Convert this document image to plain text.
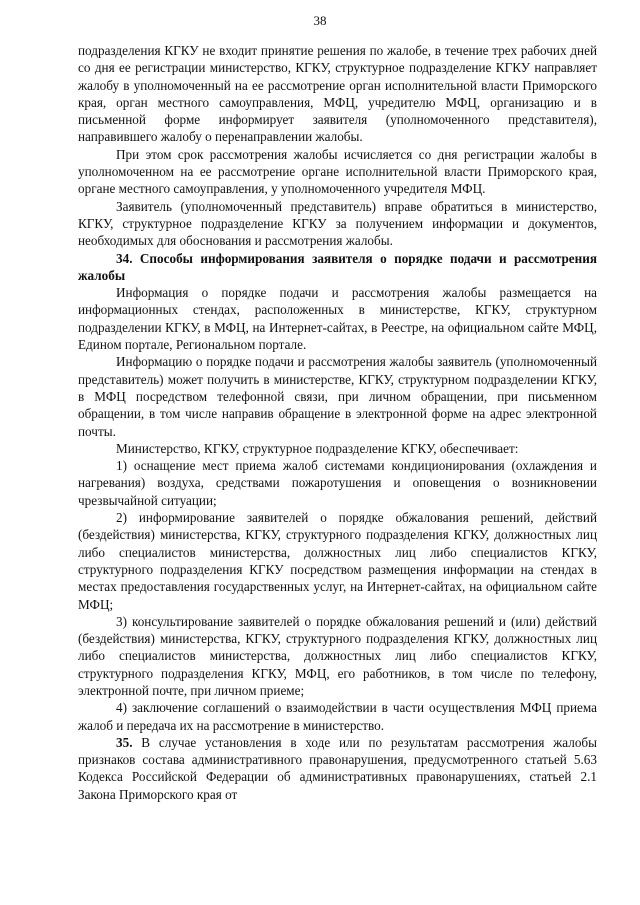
38

подразделения КГКУ не входит принятие решения по жалобе, в течение трех рабочих дней со дня ее регистрации министерство, КГКУ, структурное подразделение КГКУ направляет жалобу в уполномоченный на ее рассмотрение орган исполнительной власти Приморского края, орган местного самоуправления, МФЦ, учредителю МФЦ, организацию и в письменной форме информирует заявителя (уполномоченного представителя), направившего жалобу о перенаправлении жалобы.

При этом срок рассмотрения жалобы исчисляется со дня регистрации жалобы в уполномоченном на ее рассмотрение органе исполнительной власти Приморского края, органе местного самоуправления, у уполномоченного учредителя МФЦ.

Заявитель (уполномоченный представитель) вправе обратиться в министерство, КГКУ, структурное подразделение КГКУ за получением информации и документов, необходимых для обоснования и рассмотрения жалобы.

34. Способы информирования заявителя о порядке подачи и рассмотрения жалобы

Информация о порядке подачи и рассмотрения жалобы размещается на информационных стендах, расположенных в министерстве, КГКУ, структурном подразделении КГКУ, в МФЦ, на Интернет-сайтах, в Реестре, на официальном сайте МФЦ, Едином портале, Региональном портале.

Информацию о порядке подачи и рассмотрения жалобы заявитель (уполномоченный представитель) может получить в министерстве, КГКУ, структурном подразделении КГКУ, в МФЦ посредством телефонной связи, при личном обращении, при письменном обращении, в том числе направив обращение в электронной форме на адрес электронной почты.

Министерство, КГКУ, структурное подразделение КГКУ, обеспечивает:

1) оснащение мест приема жалоб системами кондиционирования (охлаждения и нагревания) воздуха, средствами пожаротушения и оповещения о возникновении чрезвычайной ситуации;

2) информирование заявителей о порядке обжалования решений, действий (бездействия) министерства, КГКУ, структурного подразделения КГКУ, должностных лиц либо специалистов министерства, должностных лиц либо специалистов КГКУ, структурного подразделения КГКУ посредством размещения информации на стендах в местах предоставления государственных услуг, на Интернет-сайтах, на официальном сайте МФЦ;

3) консультирование заявителей о порядке обжалования решений и (или) действий (бездействия) министерства, КГКУ, структурного подразделения КГКУ, должностных лиц либо специалистов министерства, должностных лиц либо специалистов КГКУ, структурного подразделения КГКУ, МФЦ, его работников, в том числе по телефону, электронной почте, при личном приеме;

4) заключение соглашений о взаимодействии в части осуществления МФЦ приема жалоб и передача их на рассмотрение в министерство.

35. В случае установления в ходе или по результатам рассмотрения жалобы признаков состава административного правонарушения, предусмотренного статьей 5.63 Кодекса Российской Федерации об административных правонарушениях, статьей 2.1 Закона Приморского края от
